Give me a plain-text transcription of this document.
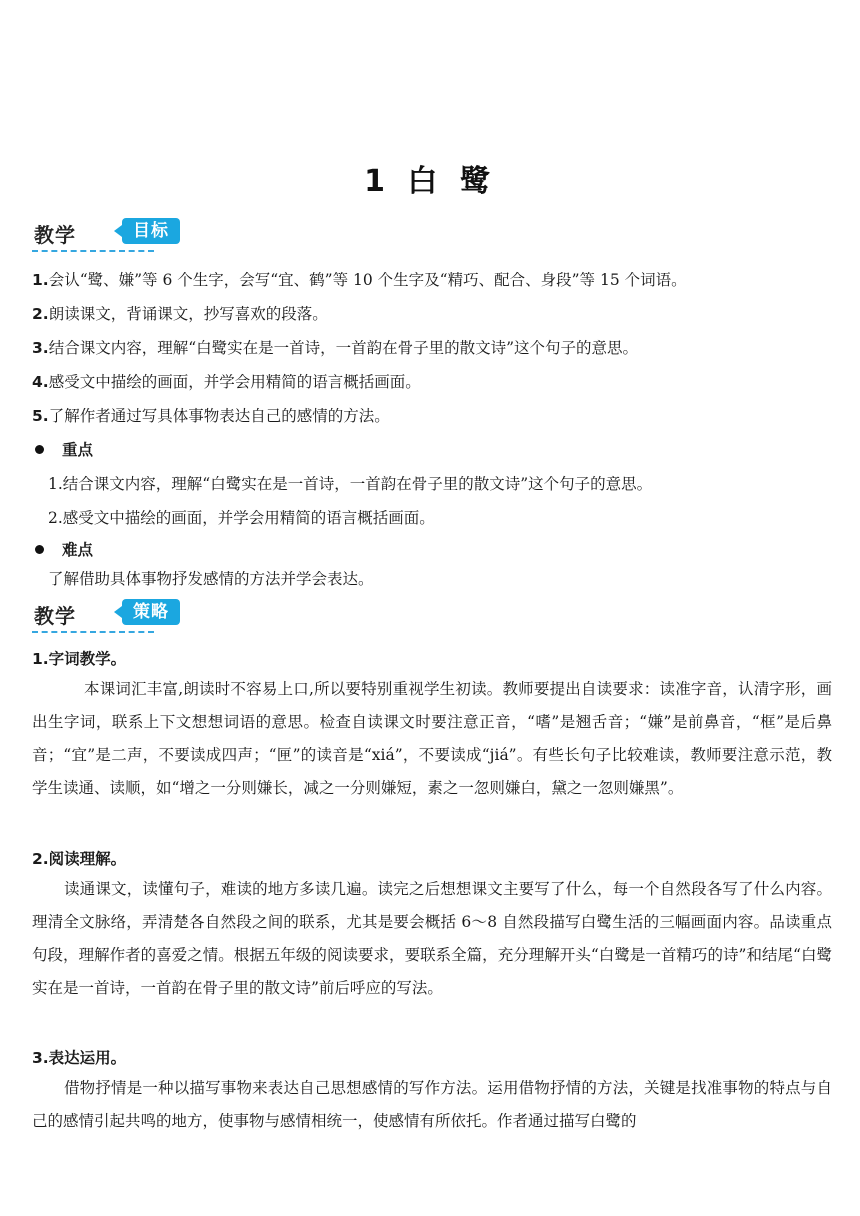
1 白 鹭
教学	目标
1.会认“鹭、嫌”等 6 个生字，会写“宜、鹤”等 10 个生字及“精巧、配合、身段”等 15 个词语。
2.朗读课文，背诵课文，抄写喜欢的段落。
3.结合课文内容，理解“白鹭实在是一首诗，一首韵在骨子里的散文诗”这个句子的意思。
4.感受文中描绘的画面，并学会用精简的语言概括画面。
5.了解作者通过写具体事物表达自己的感情的方法。
重点
1.结合课文内容，理解“白鹭实在是一首诗，一首韵在骨子里的散文诗”这个句子的意思。
2.感受文中描绘的画面，并学会用精简的语言概括画面。
难点
了解借助具体事物抒发感情的方法并学会表达。
教学	策略
1.字词教学。
本课词汇丰富,朗读时不容易上口,所以要特别重视学生初读。教师要提出自读要求：读准字音，认清字形，画出生字词，联系上下文想想词语的意思。检查自读课文时要注意正音，“嗜”是翘舌音；“嫌”是前鼻音，“框”是后鼻音；“宜”是二声，不要读成四声；“匣”的读音是“xiá”，不要读成“jiá”。有些长句子比较难读，教师要注意示范，教学生读通、读顺，如“增之一分则嫌长，减之一分则嫌短，素之一忽则嫌白，黛之一忽则嫌黑”。
2.阅读理解。
读通课文，读懂句子，难读的地方多读几遍。读完之后想想课文主要写了什么，每一个自然段各写了什么内容。理清全文脉络，弄清楚各自然段之间的联系，尤其是要会概括 6～8 自然段描写白鹭生活的三幅画面内容。品读重点句段，理解作者的喜爱之情。根据五年级的阅读要求，要联系全篇，充分理解开头“白鹭是一首精巧的诗”和结尾“白鹭实在是一首诗，一首韵在骨子里的散文诗”前后呼应的写法。
3.表达运用。
借物抒情是一种以描写事物来表达自己思想感情的写作方法。运用借物抒情的方法，关键是找准事物的特点与自己的感情引起共鸣的地方，使事物与感情相统一，使感情有所依托。作者通过描写白鹭的
